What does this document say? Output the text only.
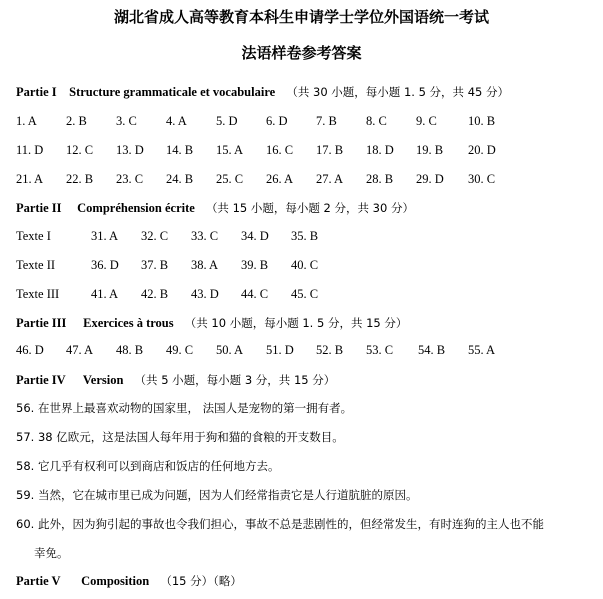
湖北省成人高等教育本科生申请学士学位外国语统一考试
法语样卷参考答案
Partie I Structure grammaticale et vocabulaire （共 30 小题，每小题 1. 5 分，共 45 分）
1. A 2. B 3. C 4. A 5. D 6. D 7. B 8. C 9. C 10. B
11. D 12. C 13. D 14. B 15. A 16. C 17. B 18. D 19. B 20. D
21. A 22. B 23. C 24. B 25. C 26. A 27. A 28. B 29. D 30. C
Partie II Compréhension écrite （共 15 小题，每小题 2 分，共 30 分）
Texte I	31. A 32. C 33. C 34. D 35. B
Texte II	36. D 37. B 38. A 39. B 40. C
Texte III	41. A 42. B 43. D 44. C 45. C
Partie III Exercices à trous （共 10 小题，每小题 1. 5 分，共 15 分）
46. D 47. A 48. B 49. C 50. A 51. D 52. B 53. C 54. B 55. A
Partie IV Version （共 5 小题，每小题 3 分，共 15 分）
56. 在世界上最喜欢动物的国家里， 法国人是宠物的第一拥有者。
57. 38 亿欧元，这是法国人每年用于狗和猫的食粮的开支数目。
58. 它几乎有权利可以到商店和饭店的任何地方去。
59. 当然，它在城市里已成为问题，因为人们经常指责它是人行道肮脏的原因。
60. 此外，因为狗引起的事故也令我们担心，事故不总是悲剧性的，但经常发生，有时连狗的主人也不能
幸免。
Partie V Composition （15 分）（略）
